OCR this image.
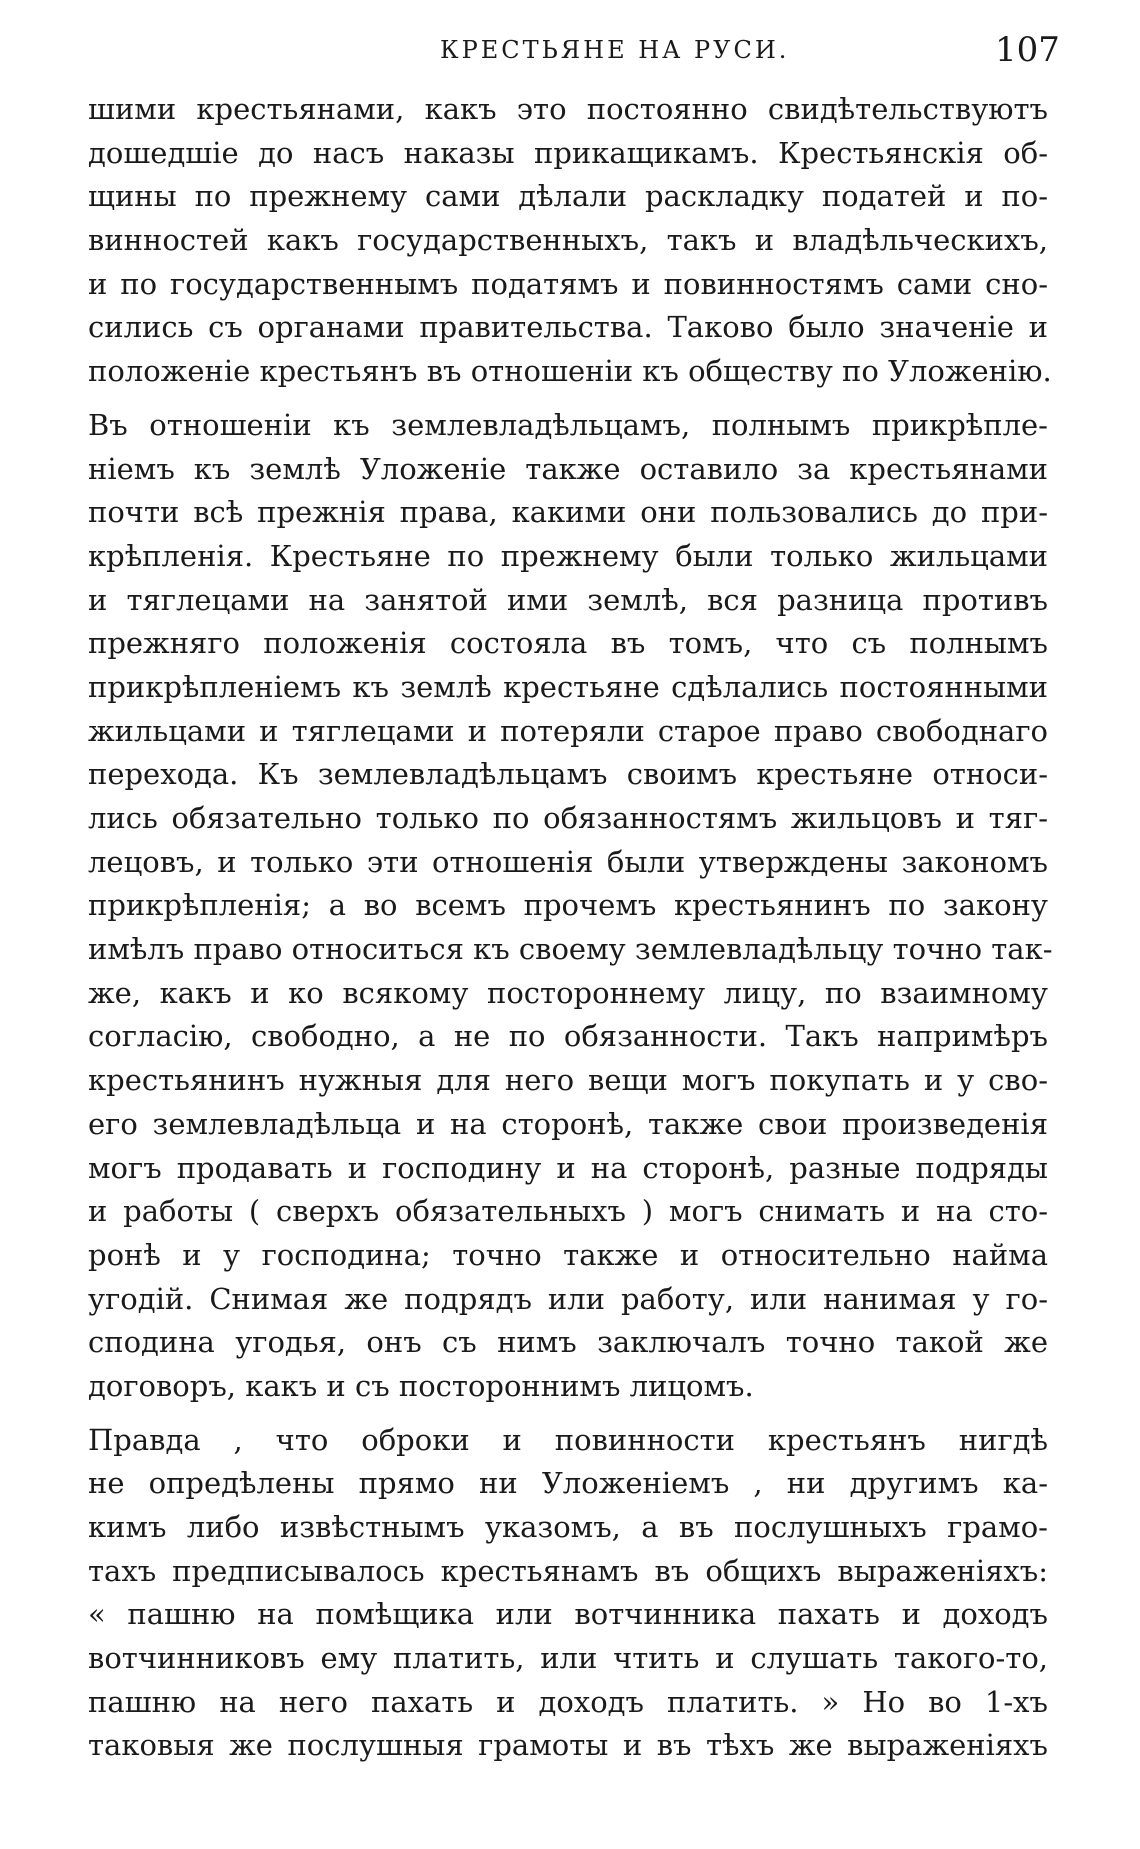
КРЕСТЬЯНЕ НА РУСИ.	107
шими крестьянами, какъ это постоянно свидѣтельствуютъ
дошедшіе до насъ наказы прикащикамъ. Крестьянскія об-
щины по прежнему сами дѣлали раскладку податей и по-
винностей какъ государственныхъ, такъ и владѣльческихъ,
и по государственнымъ податямъ и повинностямъ сами сно-
сились съ органами правительства. Таково было значеніе и
положеніе крестьянъ въ отношеніи къ обществу по Уложенію.
Въ отношеніи къ землевладѣльцамъ, полнымъ прикрѣпле-
ніемъ къ землѣ Уложеніе также оставило за крестьянами
почти всѣ прежнія права, какими они пользовались до при-
крѣпленія. Крестьяне по прежнему были только жильцами
и тяглецами на занятой ими землѣ, вся разница противъ
прежняго положенія состояла въ томъ, что съ полнымъ
прикрѣпленіемъ къ землѣ крестьяне сдѣлались постоянными
жильцами и тяглецами и потеряли старое право свободнаго
перехода. Къ землевладѣльцамъ своимъ крестьяне относи-
лись обязательно только по обязанностямъ жильцовъ и тяг-
лецовъ, и только эти отношенія были утверждены закономъ
прикрѣпленія; а во всемъ прочемъ крестьянинъ по закону
имѣлъ право относиться къ своему землевладѣльцу точно так-
же, какъ и ко всякому постороннему лицу, по взаимному
согласію, свободно, а не по обязанности. Такъ напримѣръ
крестьянинъ нужныя для него вещи могъ покупать и у сво-
его землевладѣльца и на сторонѣ, также свои произведенія
могъ продавать и господину и на сторонѣ, разные подряды
и работы ( сверхъ обязательныхъ ) могъ снимать и на сто-
ронѣ и у господина; точно также и относительно найма
угодій. Снимая же подрядъ или работу, или нанимая у го-
сподина угодья, онъ съ нимъ заключалъ точно такой же
договоръ, какъ и съ постороннимъ лицомъ.
Правда , что оброки и повинности крестьянъ нигдѣ
не опредѣлены прямо ни Уложеніемъ , ни другимъ ка-
кимъ либо извѣстнымъ указомъ, а въ послушныхъ грамо-
тахъ предписывалось крестьянамъ въ общихъ выраженіяхъ:
« пашню на помѣщика или вотчинника пахать и доходъ
вотчинниковъ ему платить, или чтить и слушать такого-то,
пашню на него пахать и доходъ платить. » Но во 1-хъ
таковыя же послушныя грамоты и въ тѣхъ же выраженіяхъ
